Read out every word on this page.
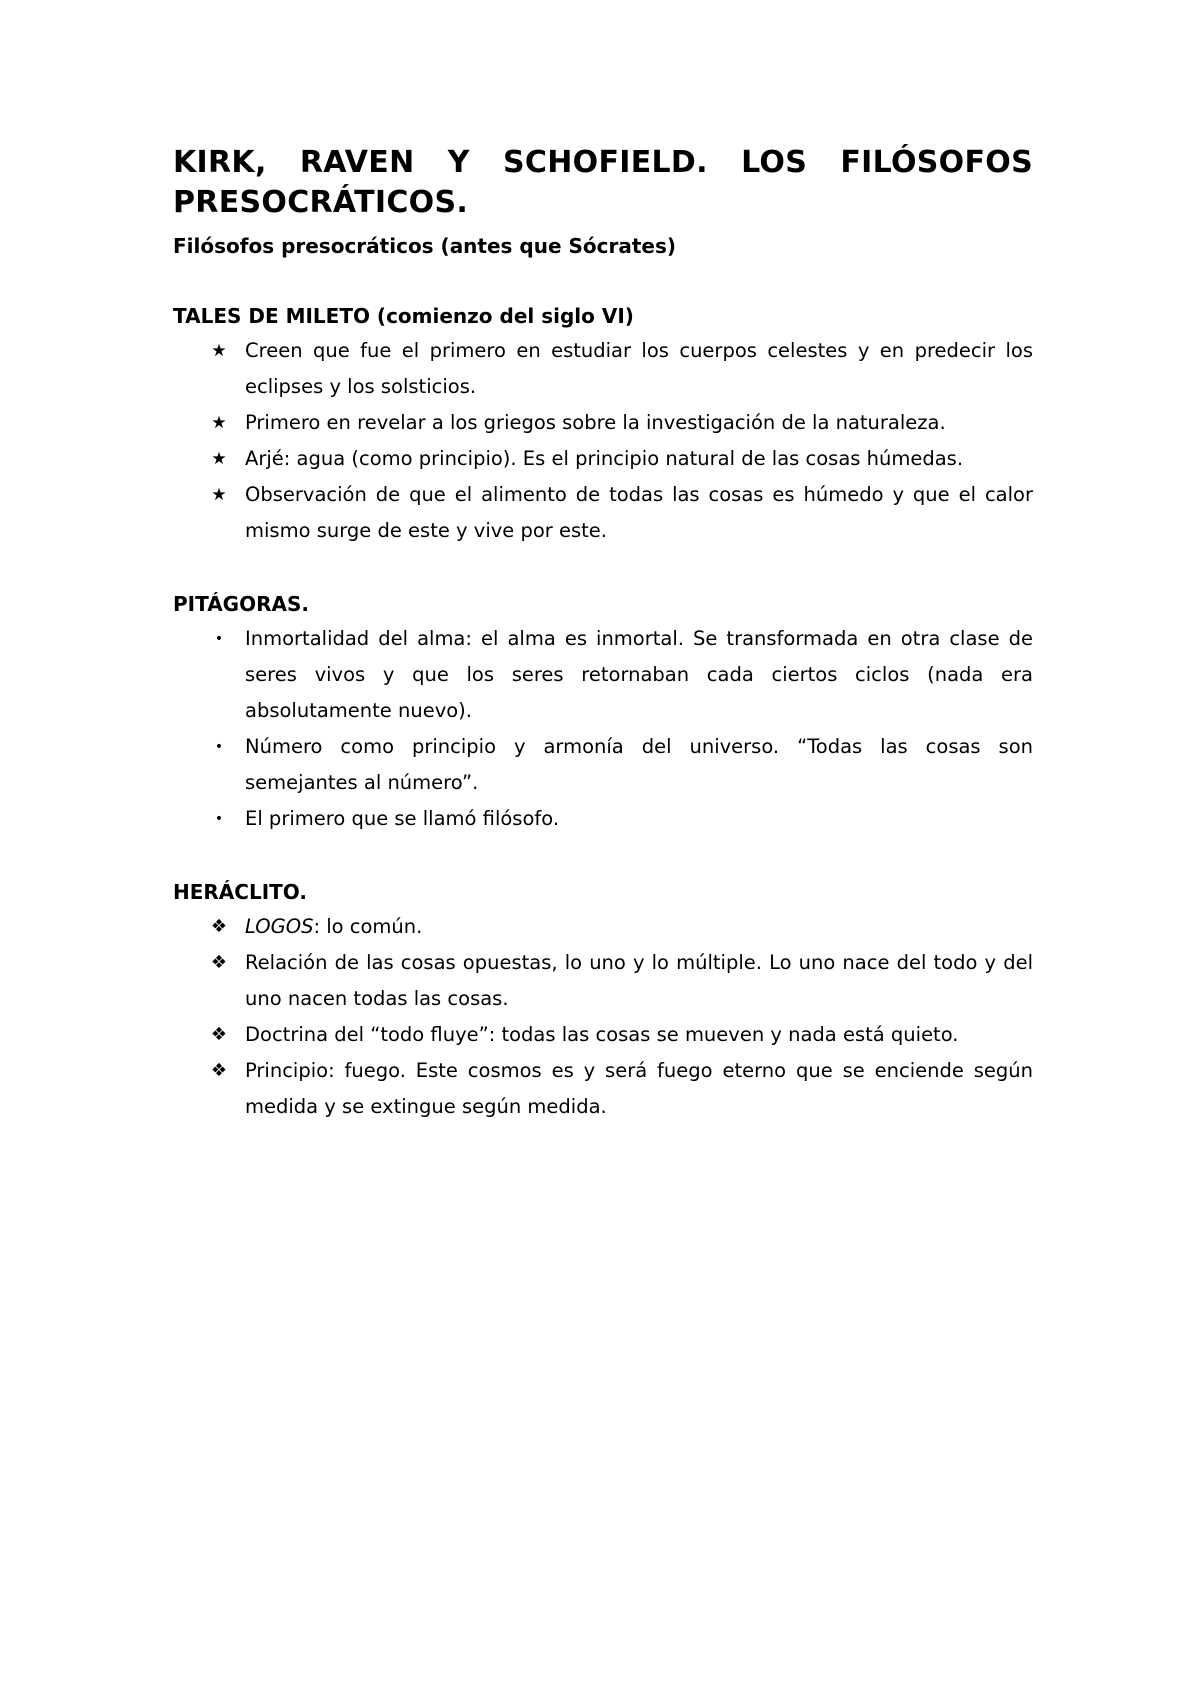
KIRK, RAVEN Y SCHOFIELD. LOS FILÓSOFOS PRESOCRÁTICOS.
Filósofos presocráticos (antes que Sócrates)
TALES DE MILETO (comienzo del siglo VI)
★ Creen que fue el primero en estudiar los cuerpos celestes y en predecir los eclipses y los solsticios.
★ Primero en revelar a los griegos sobre la investigación de la naturaleza.
★ Arjé: agua (como principio). Es el principio natural de las cosas húmedas.
★ Observación de que el alimento de todas las cosas es húmedo y que el calor mismo surge de este y vive por este.
PITÁGORAS.
•	Inmortalidad del alma: el alma es inmortal. Se transformada en otra clase de seres vivos y que los seres retornaban cada ciertos ciclos (nada era absolutamente nuevo).
•	Número como principio y armonía del universo. “Todas las cosas son semejantes al número”.
•	El primero que se llamó filósofo.
HERÁCLITO.
❖ LOGOS: lo común.
❖ Relación de las cosas opuestas, lo uno y lo múltiple. Lo uno nace del todo y del uno nacen todas las cosas.
❖ Doctrina del “todo fluye”: todas las cosas se mueven y nada está quieto.
❖ Principio: fuego. Este cosmos es y será fuego eterno que se enciende según medida y se extingue según medida.
